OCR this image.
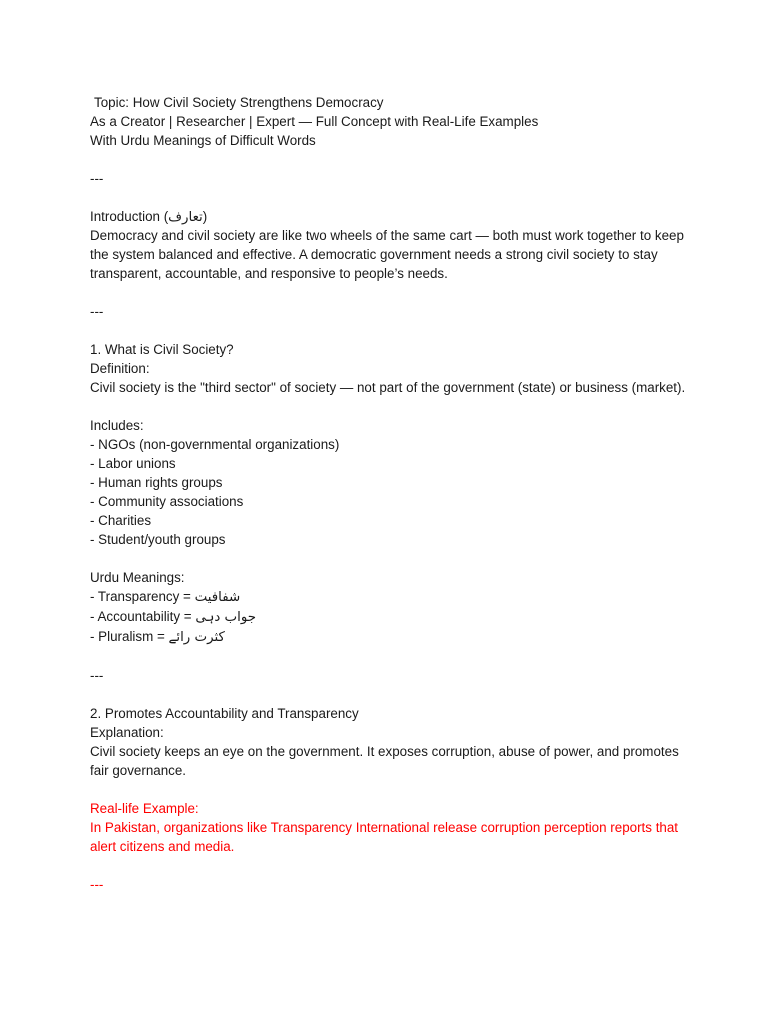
Topic: How Civil Society Strengthens Democracy
As a Creator | Researcher | Expert — Full Concept with Real-Life Examples
With Urdu Meanings of Difficult Words
---
Introduction (تعارف)
Democracy and civil society are like two wheels of the same cart — both must work together to keep the system balanced and effective. A democratic government needs a strong civil society to stay transparent, accountable, and responsive to people’s needs.
---
1. What is Civil Society?
Definition:
Civil society is the "third sector" of society — not part of the government (state) or business (market).
Includes:
- NGOs (non-governmental organizations)
- Labor unions
- Human rights groups
- Community associations
- Charities
- Student/youth groups
Urdu Meanings:
- Transparency = شفافیت
- Accountability = جواب دہی
- Pluralism = کثرت رائے
---
2. Promotes Accountability and Transparency
Explanation:
Civil society keeps an eye on the government. It exposes corruption, abuse of power, and promotes fair governance.
Real-life Example:
In Pakistan, organizations like Transparency International release corruption perception reports that alert citizens and media.
---
